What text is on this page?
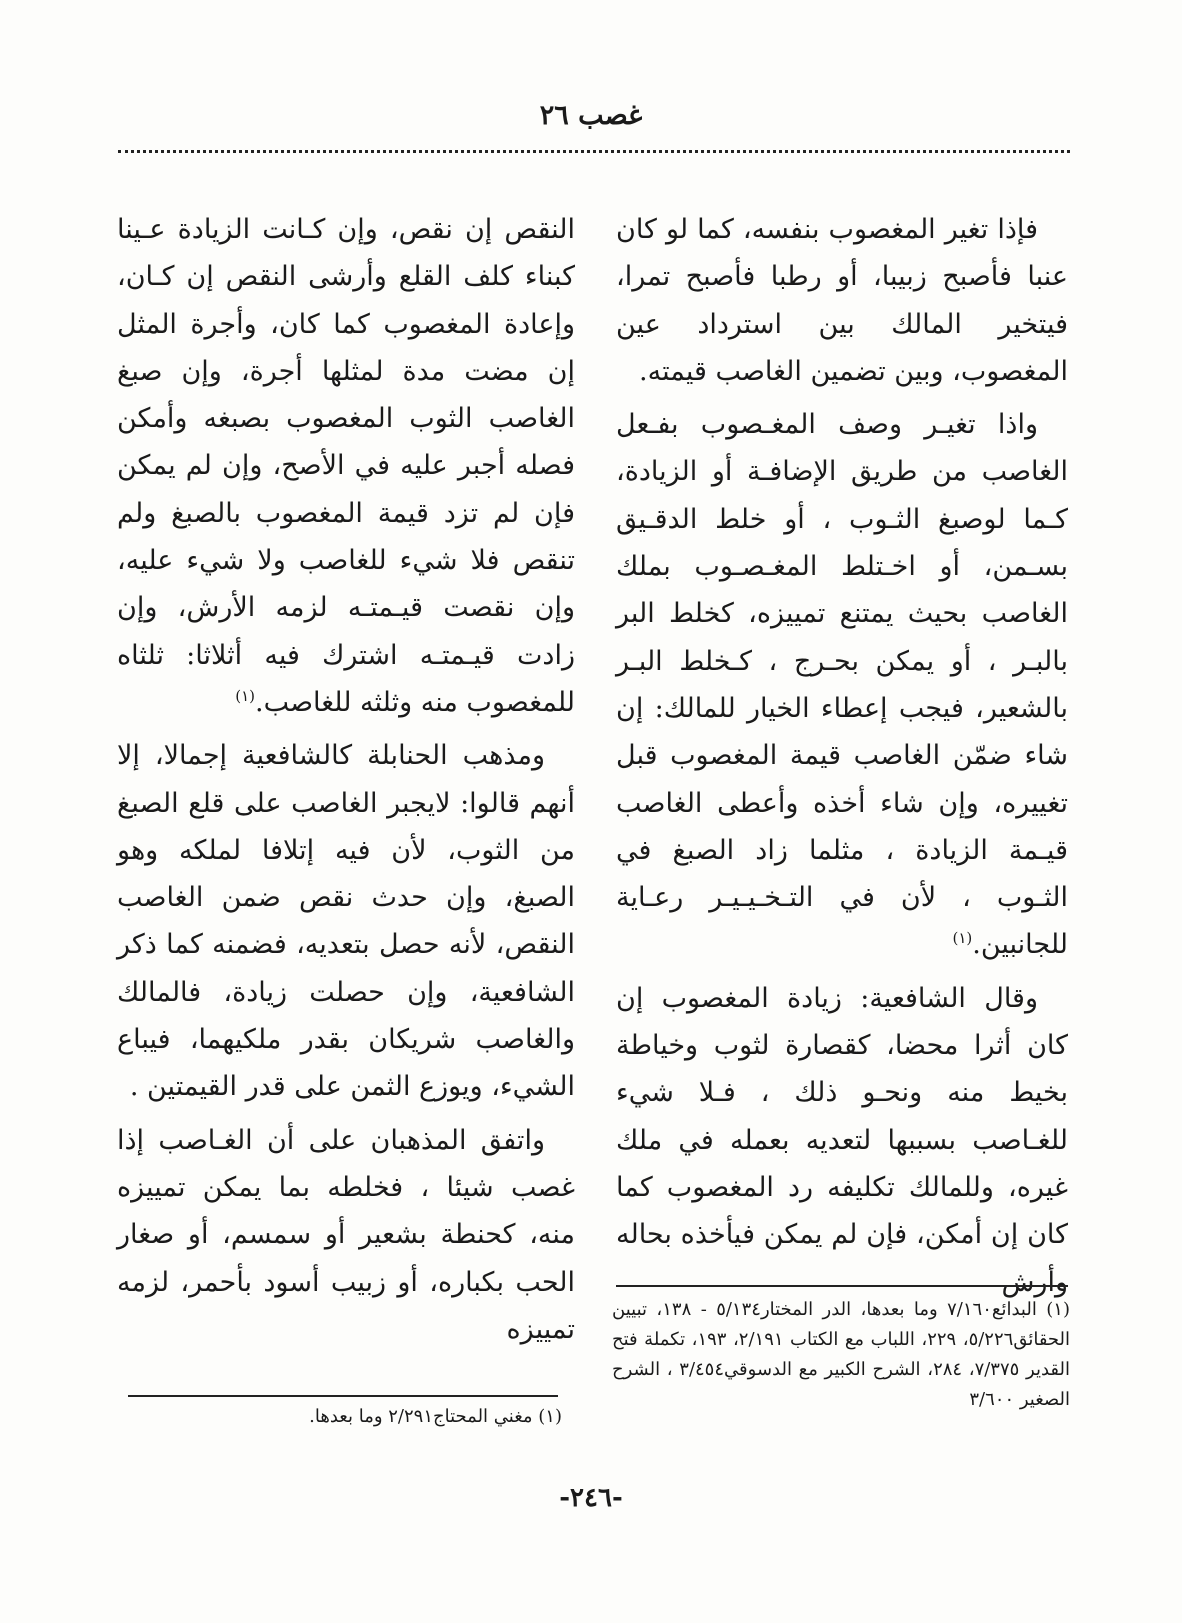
غصب ٢٦

فإذا تغير المغصوب بنفسه، كما لو كان عنبا فأصبح زبيبا، أو رطبا فأصبح تمرا، فيتخير المالك بين استرداد عين المغصوب، وبين تضمين الغاصب قيمته.

واذا تغيـر وصف المغـصوب بفـعل الغاصب من طريق الإضافـة أو الزيادة، كـما لوصبغ الثـوب ، أو خلط الدقـيق بسـمن، أو اخـتلط المغـصـوب بملك الغاصب بحيث يمتنع تمييزه، كخلط البر بالبـر ، أو يمكن بحـرج ، كـخلط البـر بالشعير، فيجب إعطاء الخيار للمالك: إن شاء ضمّن الغاصب قيمة المغصوب قبل تغييره، وإن شاء أخذه وأعطى الغاصب قيـمة الزيادة ، مثلما زاد الصبغ في الثـوب ، لأن في التـخـيـيـر رعـاية للجانبين.$^{(١)}$

وقال الشافعية: زيادة المغصوب إن كان أثرا محضا، كقصارة لثوب وخياطة بخيط منه ونحـو ذلك ، فـلا شيء للغـاصب بسببها لتعديه بعمله في ملك غيره، وللمالك تكليفه رد المغصوب كما كان إن أمكن، فإن لم يمكن فيأخذه بحاله وأرش

النقص إن نقص، وإن كـانت الزيادة عـينا كبناء كلف القلع وأرشى النقص إن كـان، وإعادة المغصوب كما كان، وأجرة المثل إن مضت مدة لمثلها أجرة، وإن صبغ الغاصب الثوب المغصوب بصبغه وأمكن فصله أجبر عليه في الأصح، وإن لم يمكن فإن لم تزد قيمة المغصوب بالصبغ ولم تنقص فلا شيء للغاصب ولا شيء عليه، وإن نقصت قيـمتـه لزمه الأرش، وإن زادت قيـمتـه اشترك فيه أثلاثا: ثلثاه للمغصوب منه وثلثه للغاصب.$^{(١)}$

ومذهب الحنابلة كالشافعية إجمالا، إلا أنهم قالوا: لايجبر الغاصب على قلع الصبغ من الثوب، لأن فيه إتلافا لملكه وهو الصبغ، وإن حدث نقص ضمن الغاصب النقص، لأنه حصل بتعديه، فضمنه كما ذكر الشافعية، وإن حصلت زيادة، فالمالك والغاصب شريكان بقدر ملكيهما، فيباع الشيء، ويوزع الثمن على قدر القيمتين .

واتفق المذهبان على أن الغـاصب إذا غصب شيئا ، فخلطه بما يمكن تمييزه منه، كحنطة بشعير أو سمسم، أو صغار الحب بكباره، أو زبيب أسود بأحمر، لزمه تمييزه

(١) البدائع٧/١٦٠ وما بعدها، الدر المختار٥/١٣٤ - ١٣٨، تبيين الحقائق٥/٢٢٦، ٢٢٩، اللباب مع الكتاب ٢/١٩١، ١٩٣، تكملة فتح القدير ٧/٣٧٥، ٢٨٤، الشرح الكبير مع الدسوقي٣/٤٥٤ ، الشرح الصغير ٣/٦٠٠
(١) مغني المحتاج٢/٢٩١ وما بعدها.
-٢٤٦-
